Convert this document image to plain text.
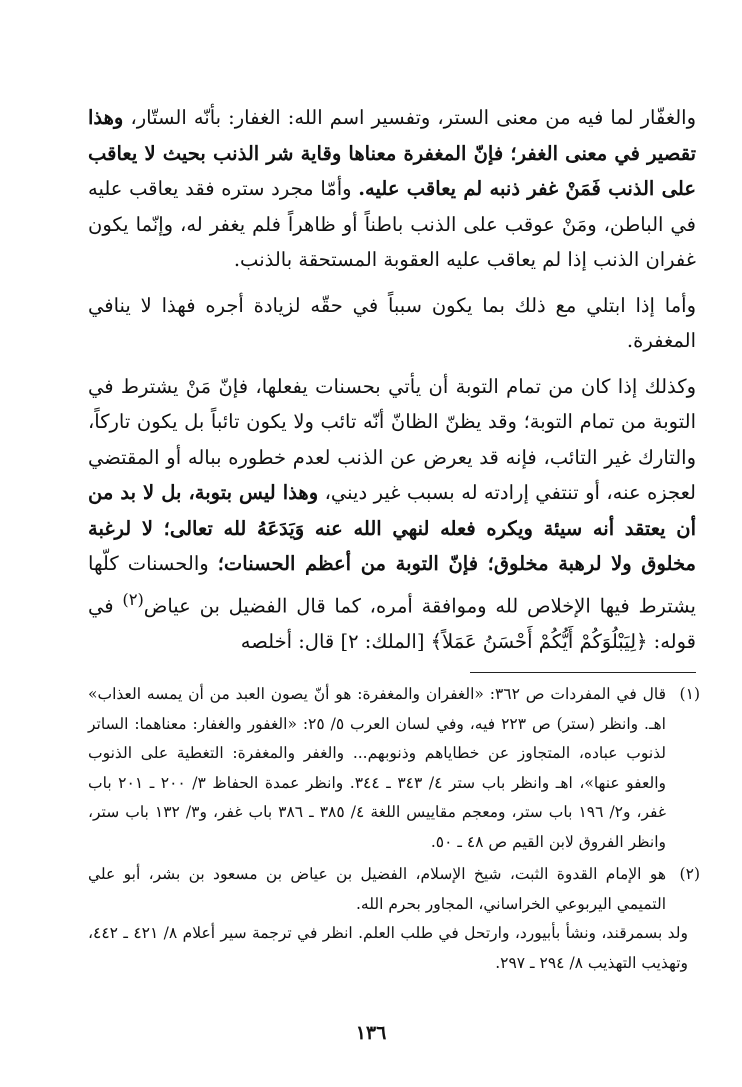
والغفّار لما فيه من معنى الستر، وتفسير اسم الله: الغفار: بأنّه الستّار، وهذا تقصير في معنى الغفر؛ فإنّ المغفرة معناها وقاية شر الذنب بحيث لا يعاقب على الذنب فَمَنْ غفر ذنبه لم يعاقب عليه. وأمّا مجرد ستره فقد يعاقب عليه في الباطن، ومَنْ عوقب على الذنب باطناً أو ظاهراً فلم يغفر له، وإنّما يكون غفران الذنب إذا لم يعاقب عليه العقوبة المستحقة بالذنب.

وأما إذا ابتلي مع ذلك بما يكون سبباً في حقّه لزيادة أجره فهذا لا ينافي المغفرة.

وكذلك إذا كان من تمام التوبة أن يأتي بحسنات يفعلها، فإنّ مَنْ يشترط في التوبة من تمام التوبة؛ وقد يظنّ الظانّ أنّه تائب ولا يكون تائباً بل يكون تاركاً، والتارك غير التائب، فإنه قد يعرض عن الذنب لعدم خطوره بباله أو المقتضي لعجزه عنه، أو تنتفي إرادته له بسبب غير ديني، وهذا ليس بتوبة، بل لا بد من أن يعتقد أنه سيئة ويكره فعله لنهي الله عنه وَيَدَعَهُ لله تعالى؛ لا لرغبة مخلوق ولا لرهبة مخلوق؛ فإنّ التوبة من أعظم الحسنات؛ والحسنات كلّها يشترط فيها الإخلاص لله وموافقة أمره، كما قال الفضيل بن عياض$^{(٢)}$ في قوله: ﴿لِيَبْلُوَكُمْ أَيُّكُمْ أَحْسَنُ عَمَلاً﴾ [الملك: ٢] قال: أخلصه

(١)
قال في المفردات ص ٣٦٢: «الغفران والمغفرة: هو أنّ يصون العبد من أن يمسه العذاب» اهـ. وانظر (ستر) ص ٢٢٣ فيه، وفي لسان العرب ٥/ ٢٥: «الغفور والغفار: معناهما: الساتر لذنوب عباده، المتجاوز عن خطاياهم وذنوبهم... والغفر والمغفرة: التغطية على الذنوب والعفو عنها»، اهـ وانظر باب ستر ٤/ ٣٤٣ ـ ٣٤٤. وانظر عمدة الحفاظ ٣/ ٢٠٠ ـ ٢٠١ باب غفر، و٢/ ١٩٦ باب ستر، ومعجم مقاييس اللغة ٤/ ٣٨٥ ـ ٣٨٦ باب غفر، و٣/ ١٣٢ باب ستر، وانظر الفروق لابن القيم ص ٤٨ ـ ٥٠.
(٢)
هو الإمام القدوة الثبت، شيخ الإسلام، الفضيل بن عياض بن مسعود بن بشر، أبو علي التميمي اليربوعي الخراساني، المجاور بحرم الله.

ولد بسمرقند، ونشأ بأبيورد، وارتحل في طلب العلم. انظر في ترجمة سير أعلام ٨/ ٤٢١ ـ ٤٤٢، وتهذيب التهذيب ٨/ ٢٩٤ ـ ٢٩٧.

١٣٦
